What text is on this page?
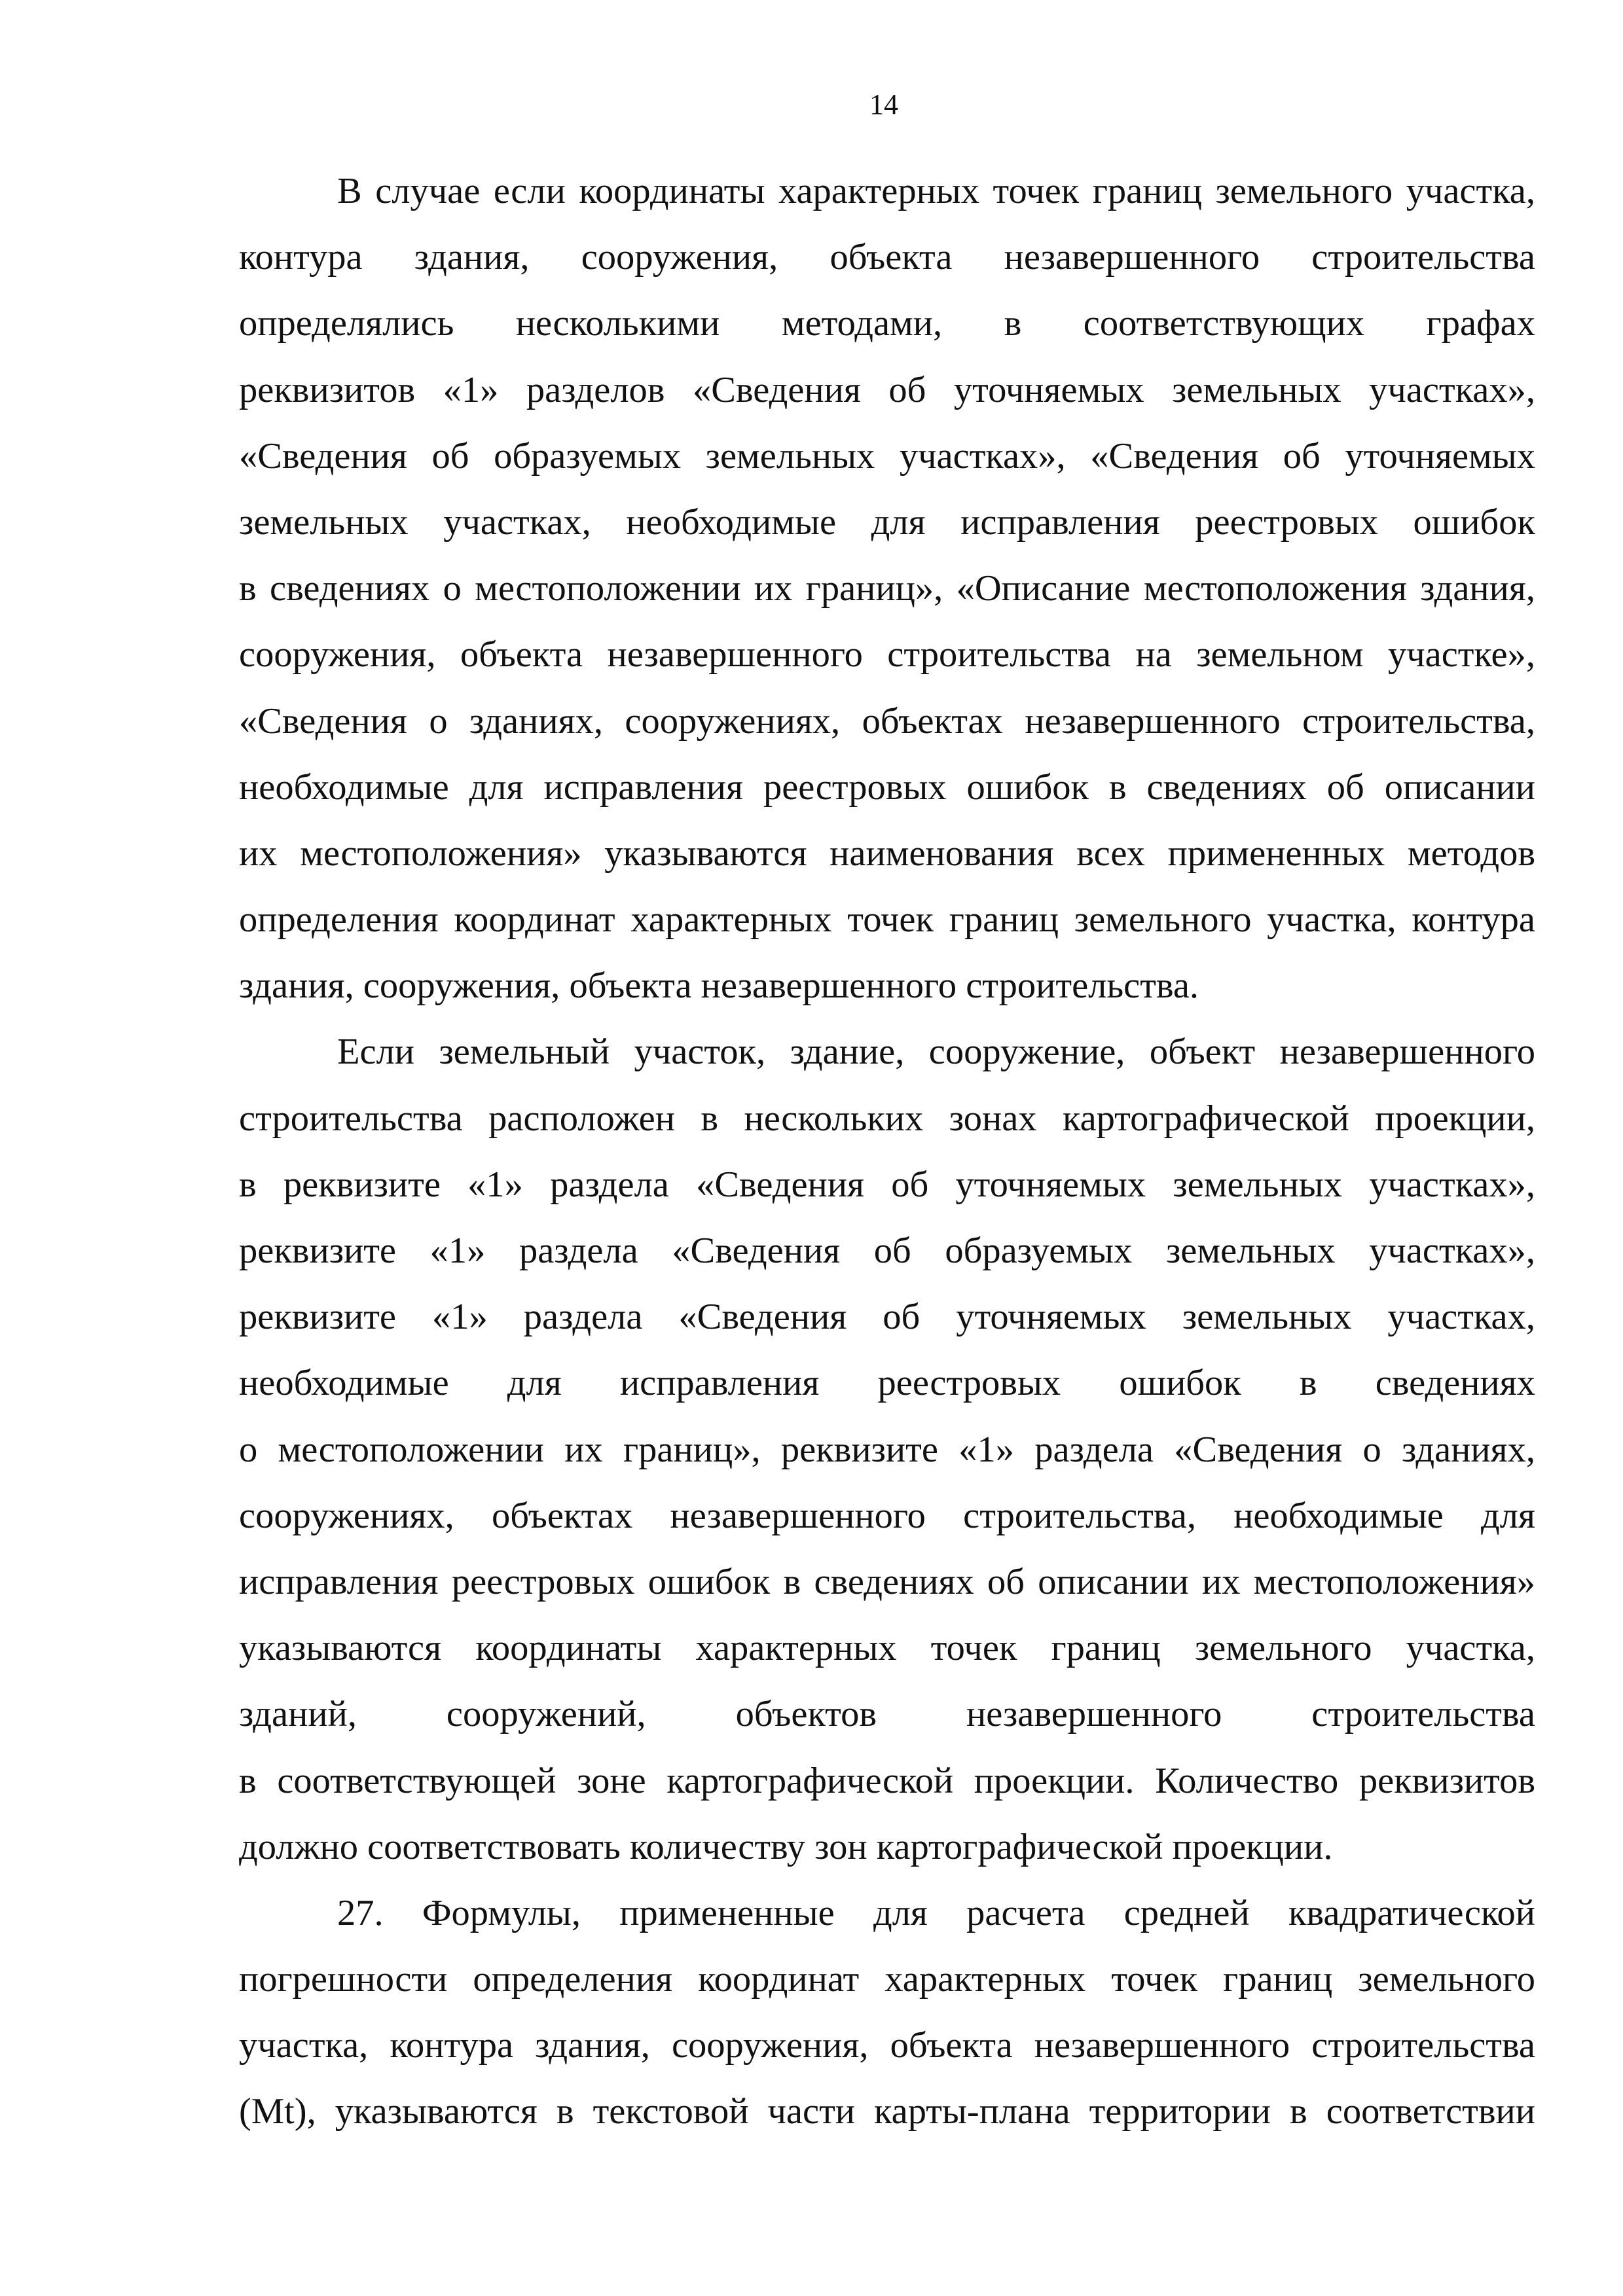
14
В случае если координаты характерных точек границ земельного участка,
контура здания, сооружения, объекта незавершенного строительства
определялись несколькими методами, в соответствующих графах
реквизитов «1» разделов «Сведения об уточняемых земельных участках»,
«Сведения об образуемых земельных участках», «Сведения об уточняемых
земельных участках, необходимые для исправления реестровых ошибок
в сведениях о местоположении их границ», «Описание местоположения здания,
сооружения, объекта незавершенного строительства на земельном участке»,
«Сведения о зданиях, сооружениях, объектах незавершенного строительства,
необходимые для исправления реестровых ошибок в сведениях об описании
их местоположения» указываются наименования всех примененных методов
определения координат характерных точек границ земельного участка, контура
здания, сооружения, объекта незавершенного строительства.
Если земельный участок, здание, сооружение, объект незавершенного
строительства расположен в нескольких зонах картографической проекции,
в реквизите «1» раздела «Сведения об уточняемых земельных участках»,
реквизите «1» раздела «Сведения об образуемых земельных участках»,
реквизите «1» раздела «Сведения об уточняемых земельных участках,
необходимые для исправления реестровых ошибок в сведениях
о местоположении их границ», реквизите «1» раздела «Сведения о зданиях,
сооружениях, объектах незавершенного строительства, необходимые для
исправления реестровых ошибок в сведениях об описании их местоположения»
указываются координаты характерных точек границ земельного участка,
зданий, сооружений, объектов незавершенного строительства
в соответствующей зоне картографической проекции. Количество реквизитов
должно соответствовать количеству зон картографической проекции.
27. Формулы, примененные для расчета средней квадратической
погрешности определения координат характерных точек границ земельного
участка, контура здания, сооружения, объекта незавершенного строительства
(Mt), указываются в текстовой части карты-плана территории в соответствии
